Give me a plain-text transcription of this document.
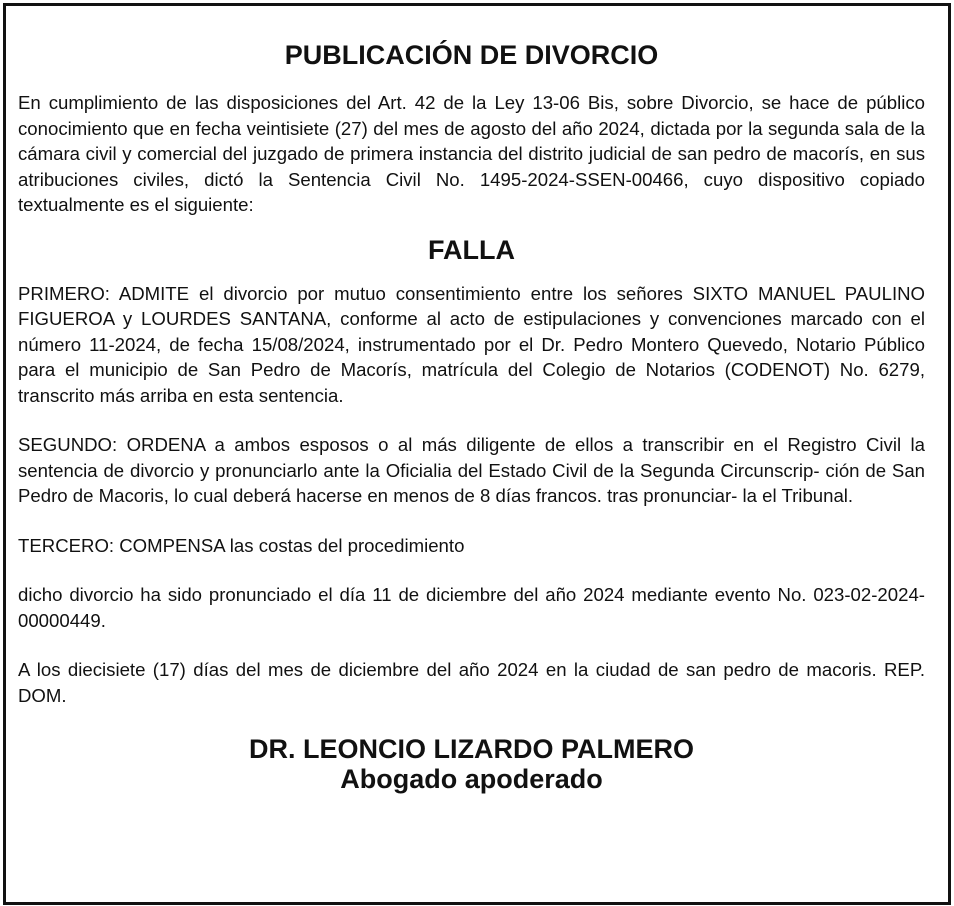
PUBLICACIÓN DE DIVORCIO

En cumplimiento de las disposiciones del Art. 42 de la Ley 13-06 Bis, sobre Divorcio, se hace de público conocimiento que en fecha veintisiete (27) del mes de agosto del año 2024, dictada por la segunda sala de la cámara civil y comercial del juzgado de primera instancia del distrito judicial de san pedro de macorís, en sus atribuciones civiles, dictó la Sentencia Civil No. 1495-2024-SSEN-00466, cuyo dispositivo copiado textualmente es el siguiente:

FALLA

PRIMERO: ADMITE el divorcio por mutuo consentimiento entre los señores SIXTO MANUEL PAULINO FIGUEROA y LOURDES SANTANA, conforme al acto de estipulaciones y convenciones marcado con el número 11-2024, de fecha 15/08/2024, instrumentado por el Dr. Pedro Montero Quevedo, Notario Público para el municipio de San Pedro de Macorís, matrícula del Colegio de Notarios (CODENOT) No. 6279, transcrito más arriba en esta sentencia.

SEGUNDO: ORDENA a ambos esposos o al más diligente de ellos a transcribir en el Registro Civil la sentencia de divorcio y pronunciarlo ante la Oficialia del Estado Civil de la Segunda Circunscrip- ción de San Pedro de Macoris, lo cual deberá hacerse en menos de 8 días francos. tras pronunciar- la el Tribunal.

TERCERO: COMPENSA las costas del procedimiento

dicho divorcio ha sido pronunciado el día 11 de diciembre del año 2024 mediante evento No. 023-02-2024-00000449.

A los diecisiete (17) días del mes de diciembre del año 2024 en la ciudad de san pedro de macoris. REP. DOM.

DR. LEONCIO LIZARDO PALMERO

Abogado apoderado
